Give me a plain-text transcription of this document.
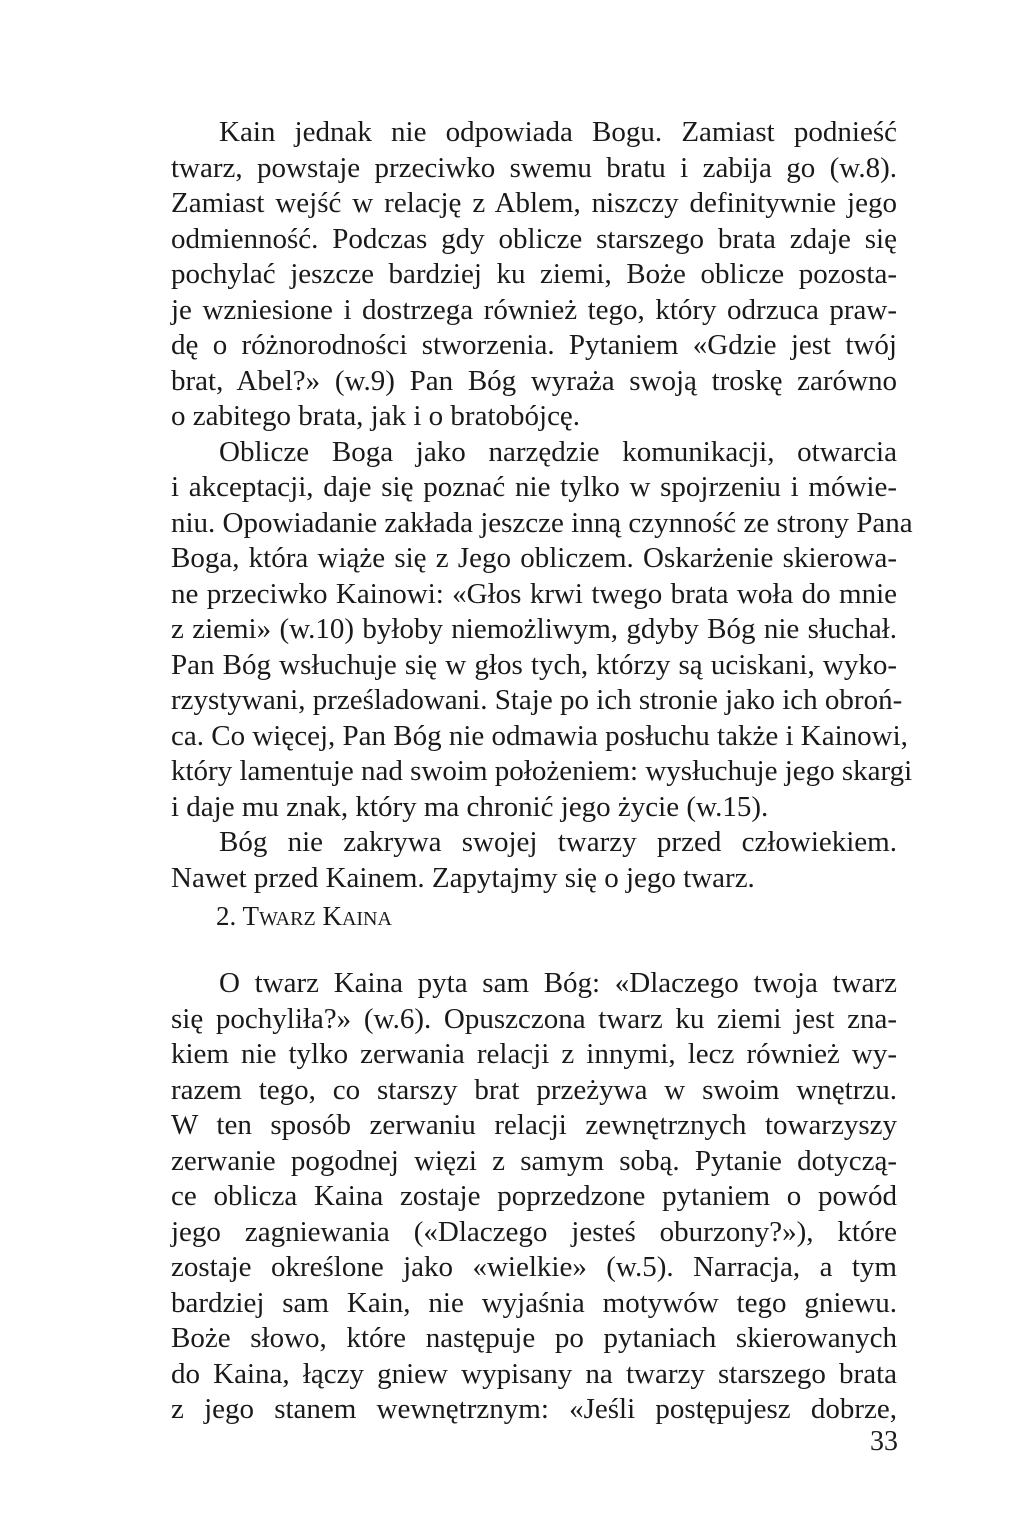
Kain jednak nie odpowiada Bogu. Zamiast podnieść
twarz, powstaje przeciwko swemu bratu i zabija go (w.8).
Zamiast wejść w relację z Ablem, niszczy definitywnie jego
odmienność. Podczas gdy oblicze starszego brata zdaje się
pochylać jeszcze bardziej ku ziemi, Boże oblicze pozosta-
je wzniesione i dostrzega również tego, który odrzuca praw-
dę o różnorodności stworzenia. Pytaniem «Gdzie jest twój
brat, Abel?» (w.9) Pan Bóg wyraża swoją troskę zarówno
o zabitego brata, jak i o bratobójcę.
Oblicze Boga jako narzędzie komunikacji, otwarcia
i akceptacji, daje się poznać nie tylko w spojrzeniu i mówie-
niu. Opowiadanie zakłada jeszcze inną czynność ze strony Pana
Boga, która wiąże się z Jego obliczem. Oskarżenie skierowa-
ne przeciwko Kainowi: «Głos krwi twego brata woła do mnie
z ziemi» (w.10) byłoby niemożliwym, gdyby Bóg nie słuchał.
Pan Bóg wsłuchuje się w głos tych, którzy są uciskani, wyko-
rzystywani, prześladowani. Staje po ich stronie jako ich obroń-
ca. Co więcej, Pan Bóg nie odmawia posłuchu także i Kainowi,
który lamentuje nad swoim położeniem: wysłuchuje jego skargi
i daje mu znak, który ma chronić jego życie (w.15).
Bóg nie zakrywa swojej twarzy przed człowiekiem.
Nawet przed Kainem. Zapytajmy się o jego twarz.
2. TWARZ KAINA
O twarz Kaina pyta sam Bóg: «Dlaczego twoja twarz
się pochyliła?» (w.6). Opuszczona twarz ku ziemi jest zna-
kiem nie tylko zerwania relacji z innymi, lecz również wy-
razem tego, co starszy brat przeżywa w swoim wnętrzu.
W ten sposób zerwaniu relacji zewnętrznych towarzyszy
zerwanie pogodnej więzi z samym sobą. Pytanie dotyczą-
ce oblicza Kaina zostaje poprzedzone pytaniem o powód
jego zagniewania («Dlaczego jesteś oburzony?»), które
zostaje określone jako «wielkie» (w.5). Narracja, a tym
bardziej sam Kain, nie wyjaśnia motywów tego gniewu.
Boże słowo, które następuje po pytaniach skierowanych
do Kaina, łączy gniew wypisany na twarzy starszego brata
z jego stanem wewnętrznym: «Jeśli postępujesz dobrze,
33
